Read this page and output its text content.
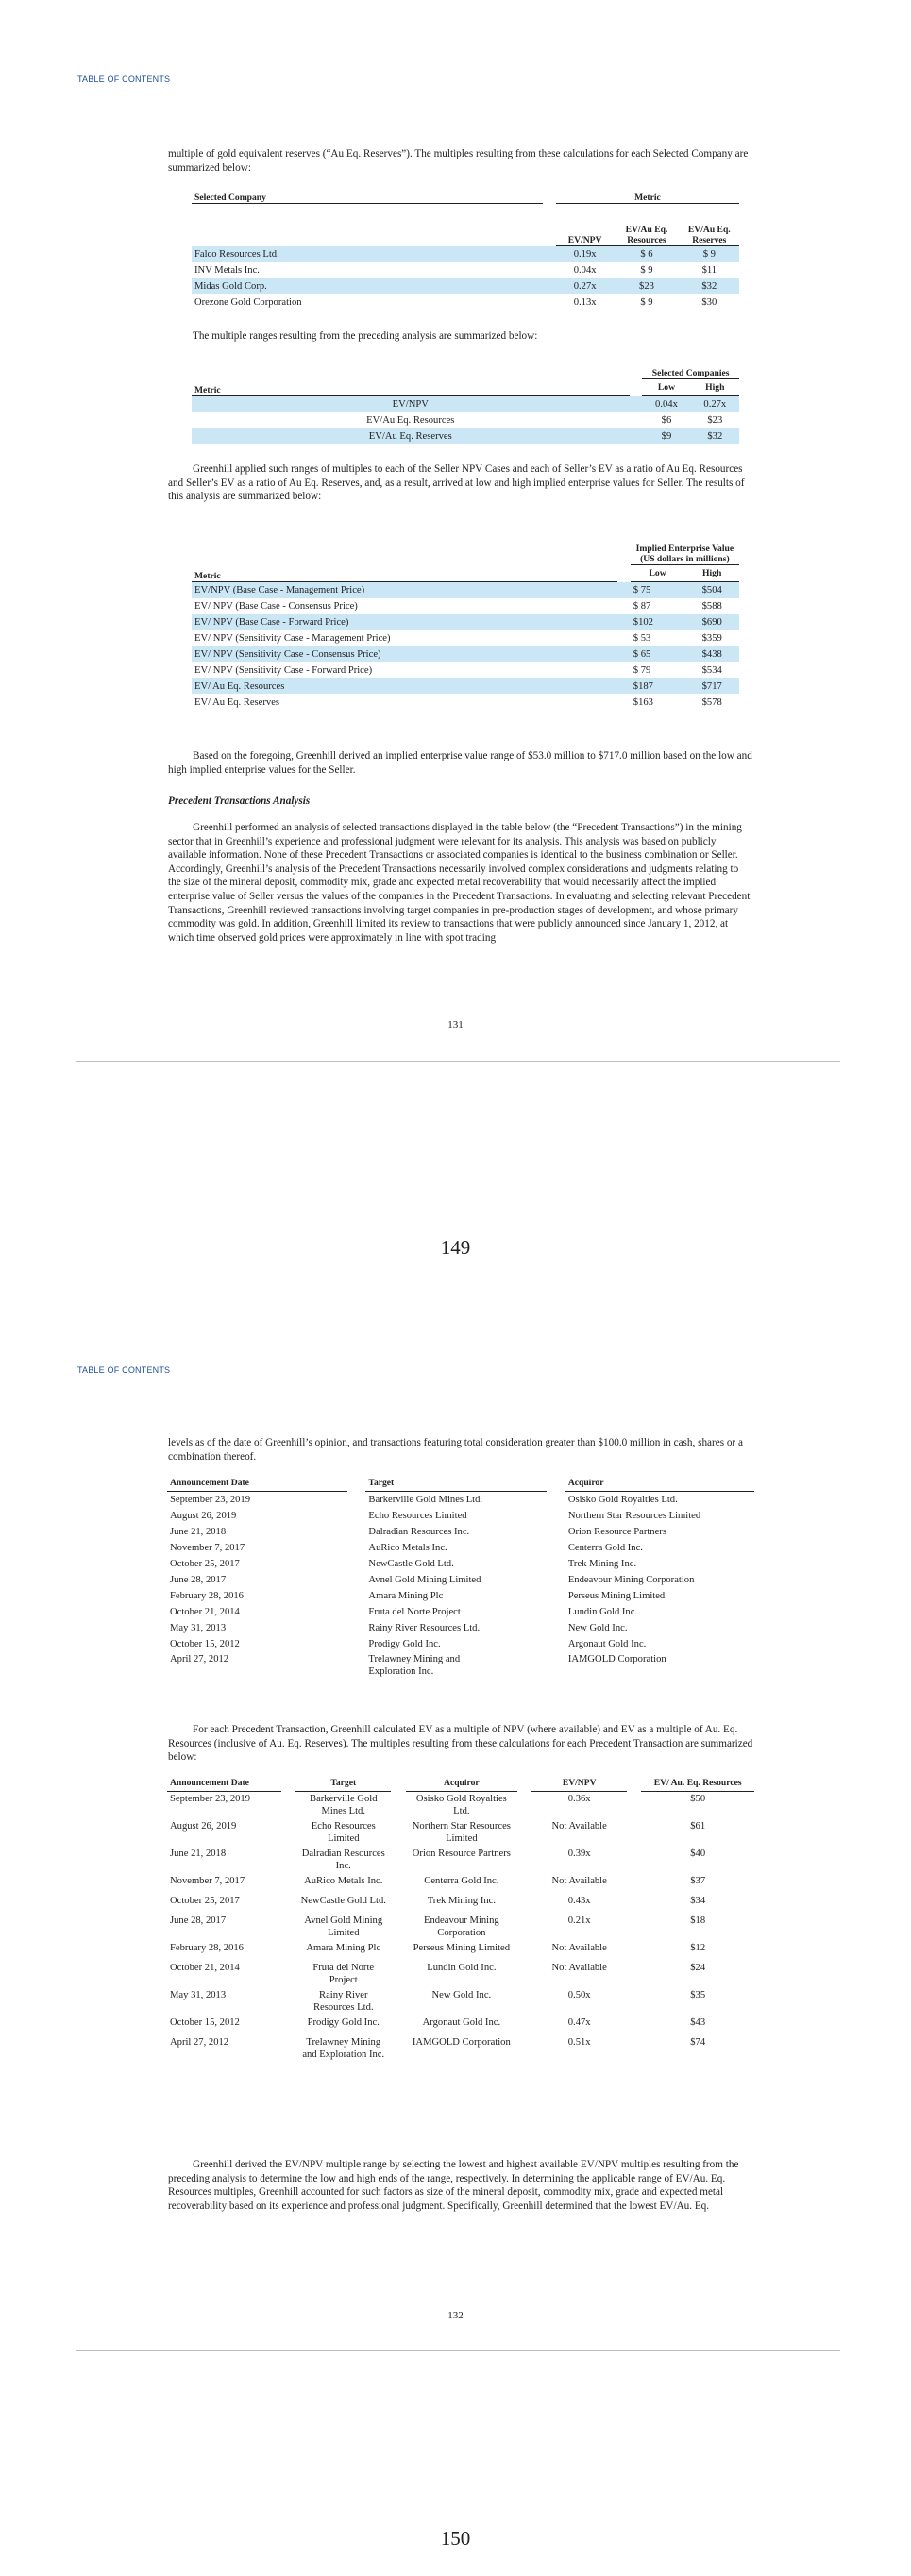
TABLE OF CONTENTS

multiple of gold equivalent reserves (“Au Eq. Reserves”). The multiples resulting from these calculations for each Selected Company are summarized below:

Selected Company		Metric		
		EV/NPV	EV/Au Eq. Resources	EV/Au Eq. Reserves
Falco Resources Ltd.		0.19x	$ 6	$ 9
INV Metals Inc.		0.04x	$ 9	$11
Midas Gold Corp.		0.27x	$23	$32
Orezone Gold Corporation		0.13x	$ 9	$30

The multiple ranges resulting from the preceding analysis are summarized below:

Metric		Selected Companies	
		Low	High
EV/NPV		0.04x	0.27x
EV/Au Eq. Resources		$6	$23
EV/Au Eq. Reserves		$9	$32

Greenhill applied such ranges of multiples to each of the Seller NPV Cases and each of Seller’s EV as a ratio of Au Eq. Resources and Seller’s EV as a ratio of Au Eq. Reserves, and, as a result, arrived at low and high implied enterprise values for Seller. The results of this analysis are summarized below:

Metric		Implied Enterprise Value (US dollars in millions)	
		Low	High
EV/NPV (Base Case - Management Price)		$ 75	$504
EV/ NPV (Base Case - Consensus Price)		$ 87	$588
EV/ NPV (Base Case - Forward Price)		$102	$690
EV/ NPV (Sensitivity Case - Management Price)		$ 53	$359
EV/ NPV (Sensitivity Case - Consensus Price)		$ 65	$438
EV/ NPV (Sensitivity Case - Forward Price)		$ 79	$534
EV/ Au Eq. Resources		$187	$717
EV/ Au Eq. Reserves		$163	$578

Based on the foregoing, Greenhill derived an implied enterprise value range of $53.0 million to $717.0 million based on the low and high implied enterprise values for the Seller.

Precedent Transactions Analysis

Greenhill performed an analysis of selected transactions displayed in the table below (the “Precedent Transactions”) in the mining sector that in Greenhill’s experience and professional judgment were relevant for its analysis. This analysis was based on publicly available information. None of these Precedent Transactions or associated companies is identical to the business combination or Seller. Accordingly, Greenhill’s analysis of the Precedent Transactions necessarily involved complex considerations and judgments relating to the size of the mineral deposit, commodity mix, grade and expected metal recoverability that would necessarily affect the implied enterprise value of Seller versus the values of the companies in the Precedent Transactions. In evaluating and selecting relevant Precedent Transactions, Greenhill reviewed transactions involving target companies in pre-production stages of development, and whose primary commodity was gold. In addition, Greenhill limited its review to transactions that were publicly announced since January 1, 2012, at which time observed gold prices were approximately in line with spot trading

131
149
TABLE OF CONTENTS

levels as of the date of Greenhill’s opinion, and transactions featuring total consideration greater than $100.0 million in cash, shares or a combination thereof.

Announcement Date		Target		Acquiror
September 23, 2019		Barkerville Gold Mines Ltd.		Osisko Gold Royalties Ltd.
August 26, 2019		Echo Resources Limited		Northern Star Resources Limited
June 21, 2018		Dalradian Resources Inc.		Orion Resource Partners
November 7, 2017		AuRico Metals Inc.		Centerra Gold Inc.
October 25, 2017		NewCastle Gold Ltd.		Trek Mining Inc.
June 28, 2017		Avnel Gold Mining Limited		Endeavour Mining Corporation
February 28, 2016		Amara Mining Plc		Perseus Mining Limited
October 21, 2014		Fruta del Norte Project		Lundin Gold Inc.
May 31, 2013		Rainy River Resources Ltd.		New Gold Inc.
October 15, 2012		Prodigy Gold Inc.		Argonaut Gold Inc.
April 27, 2012		Trelawney Mining and Exploration Inc.		IAMGOLD Corporation

For each Precedent Transaction, Greenhill calculated EV as a multiple of NPV (where available) and EV as a multiple of Au. Eq. Resources (inclusive of Au. Eq. Reserves). The multiples resulting from these calculations for each Precedent Transaction are summarized below:

Announcement Date		Target		Acquiror		EV/NPV		EV/ Au. Eq. Resources
September 23, 2019		Barkerville Gold Mines Ltd.		Osisko Gold Royalties Ltd.		0.36x		$50
August 26, 2019		Echo Resources Limited		Northern Star Resources Limited		Not Available		$61
June 21, 2018		Dalradian Resources Inc.		Orion Resource Partners		0.39x		$40
November 7, 2017		AuRico Metals Inc.		Centerra Gold Inc.		Not Available		$37
October 25, 2017		NewCastle Gold Ltd.		Trek Mining Inc.		0.43x		$34
June 28, 2017		Avnel Gold Mining Limited		Endeavour Mining Corporation		0.21x		$18
February 28, 2016		Amara Mining Plc		Perseus Mining Limited		Not Available		$12
October 21, 2014		Fruta del Norte Project		Lundin Gold Inc.		Not Available		$24
May 31, 2013		Rainy River Resources Ltd.		New Gold Inc.		0.50x		$35
October 15, 2012		Prodigy Gold Inc.		Argonaut Gold Inc.		0.47x		$43
April 27, 2012		Trelawney Mining and Exploration Inc.		IAMGOLD Corporation		0.51x		$74

Greenhill derived the EV/NPV multiple range by selecting the lowest and highest available EV/NPV multiples resulting from the preceding analysis to determine the low and high ends of the range, respectively. In determining the applicable range of EV/Au. Eq. Resources multiples, Greenhill accounted for such factors as size of the mineral deposit, commodity mix, grade and expected metal recoverability based on its experience and professional judgment. Specifically, Greenhill determined that the lowest EV/Au. Eq.

132
150
